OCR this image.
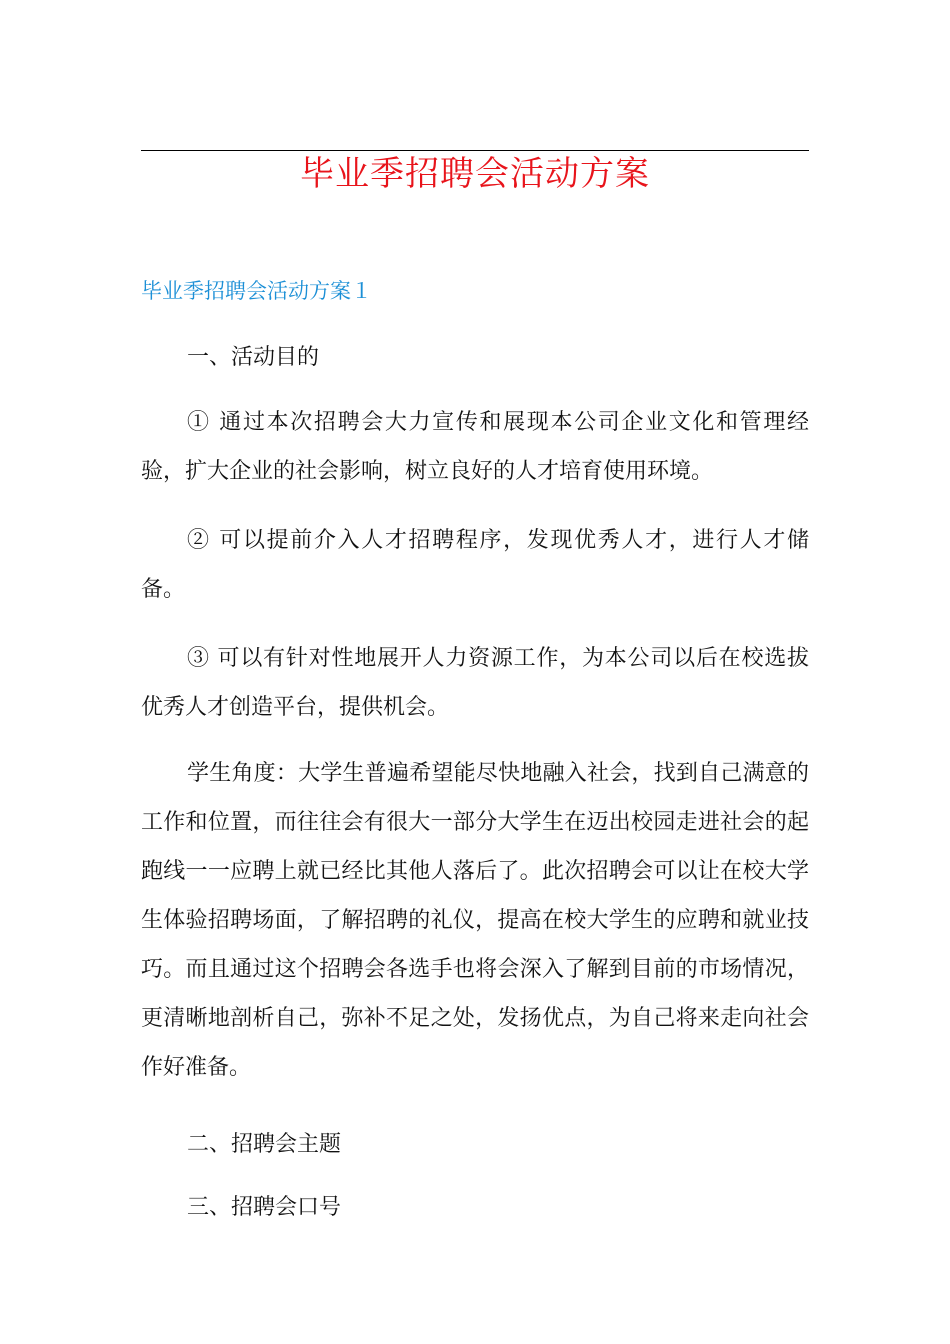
毕业季招聘会活动方案
毕业季招聘会活动方案１

一、活动目的

① 通过本次招聘会大力宣传和展现本公司企业文化和管理经验，扩大企业的社会影响，树立良好的人才培育使用环境。

② 可以提前介入人才招聘程序，发现优秀人才，进行人才储备。

③ 可以有针对性地展开人力资源工作，为本公司以后在校选拔优秀人才创造平台，提供机会。

学生角度：大学生普遍希望能尽快地融入社会，找到自己满意的工作和位置，而往往会有很大一部分大学生在迈出校园走进社会的起跑线一一应聘上就已经比其他人落后了。此次招聘会可以让在校大学生体验招聘场面，了解招聘的礼仪，提高在校大学生的应聘和就业技巧。而且通过这个招聘会各选手也将会深入了解到目前的市场情况，更清晰地剖析自己，弥补不足之处，发扬优点，为自己将来走向社会作好准备。

二、招聘会主题

三、招聘会口号
